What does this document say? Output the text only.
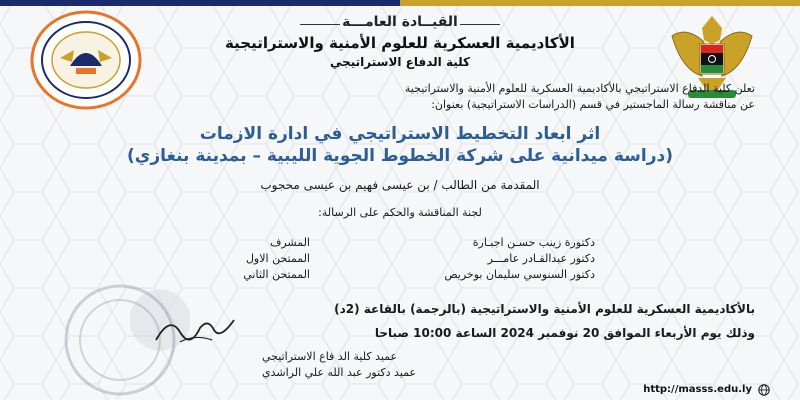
القيــادة العامـــة
الأكاديمية العسكرية للعلوم الأمنية والاستراتيجية
كلية الدفاع الاستراتيجي
تعلن كلية الدفاع الاستراتيجي بالأكاديمية العسكرية للعلوم الأمنية والاستراتيجية
عن مناقشة رسالة الماجستير في قسم (الدراسات الاستراتيجية) بعنوان:
اثر ابعاد التخطيط الاستراتيجي في ادارة الازمات
(دراسة ميدانية على شركة الخطوط الجوية الليبية – بمدينة بنغازي)
المقدمة من الطالب / بن عيسى فهيم بن عيسى محجوب
لجنة المناقشة والحكم على الرسالة:
المشرف	دكتورة زينب حسـن اجبـارة
الممتحن الاول	دكتور عبدالقـادر عامـــر
الممتحن الثاني	دكتور السنوسي سليمان بوخريص
بالأكاديمية العسكرية للعلوم الأمنية والاستراتيجية (بالرجمة) بالقاعة (2د)
وذلك يوم الأربعاء الموافق 20 نوفمبر 2024 الساعة 10:00 صباحا
عميد كلية الد فاع الاستراتيجي
عميد دكتور عبد الله علي الراشدي
http://masss.edu.ly
